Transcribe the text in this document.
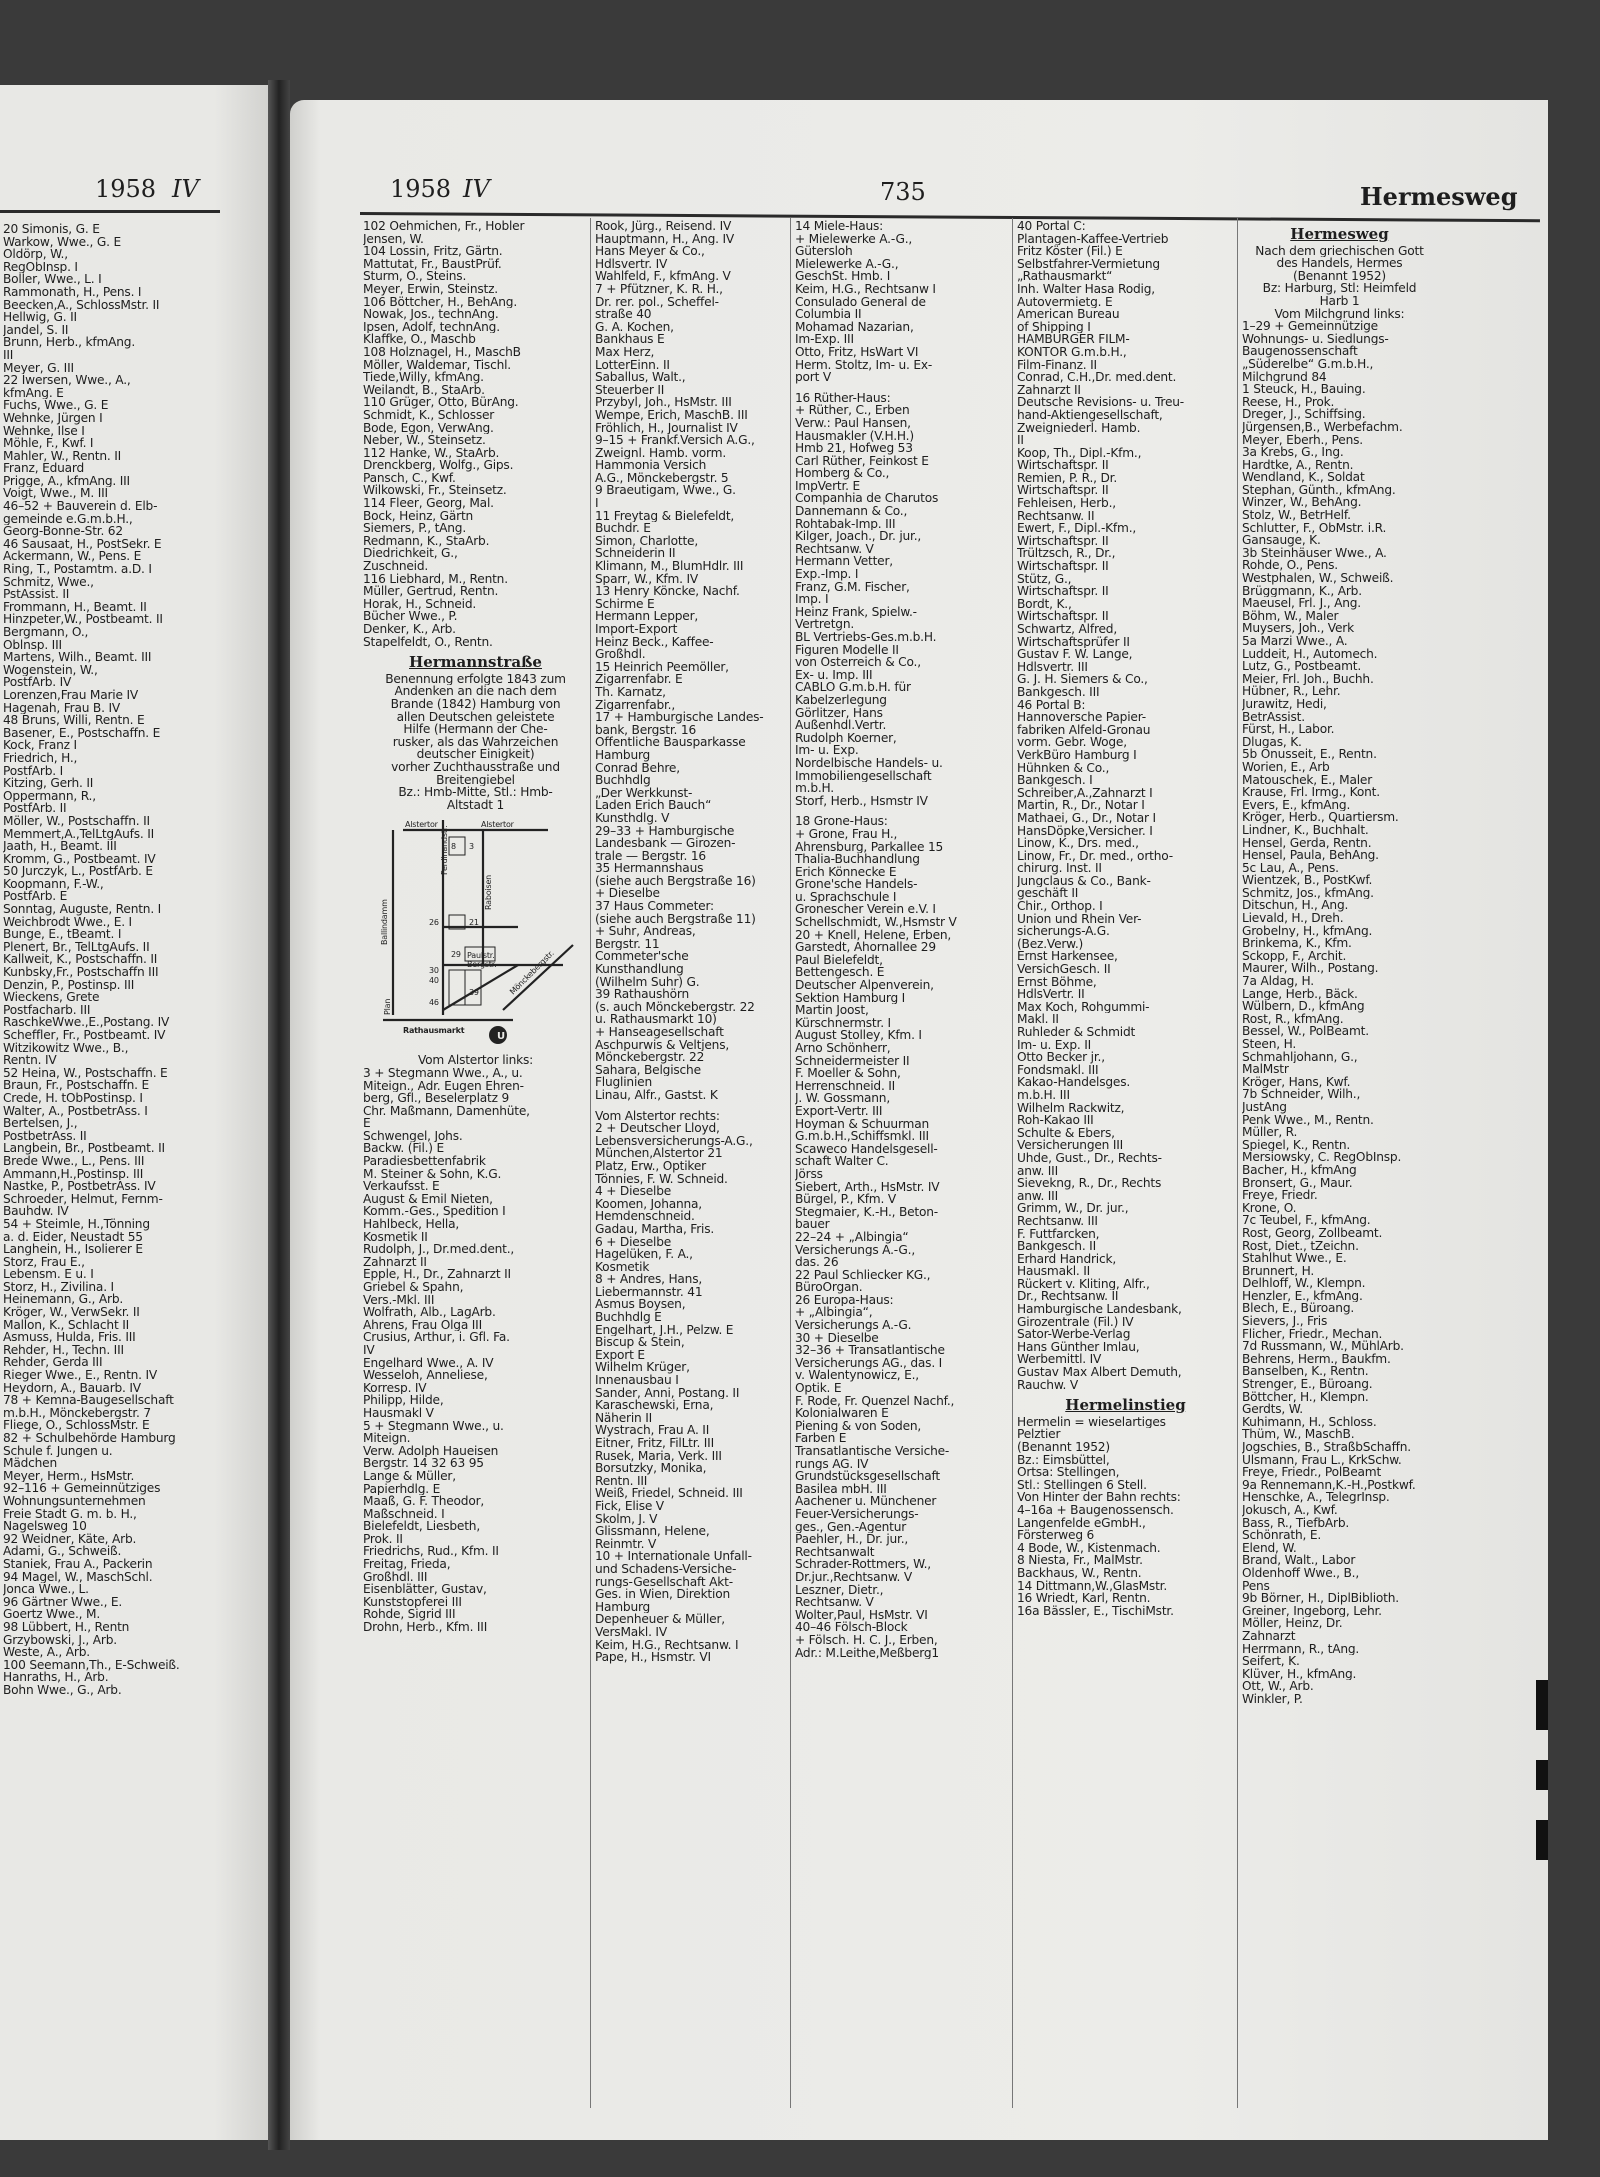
1958 IV
20 Simonis, G. E
Warkow, Wwe., G. E
Oldörp, W.,
RegObInsp. I
Boller, Wwe., L. I
Rammonath, H., Pens. I
Beecken,A., SchlossMstr. II
Hellwig, G. II
Jandel, S. II
Brunn, Herb., kfmAng.
III
Meyer, G. III
22 Iwersen, Wwe., A.,
kfmAng. E
Fuchs, Wwe., G. E
Wehnke, Jürgen I
Wehnke, Ilse I
Möhle, F., Kwf. I
Mahler, W., Rentn. II
Franz, Eduard
Prigge, A., kfmAng. III
Voigt, Wwe., M. III
46–52 + Bauverein d. Elb-
gemeinde e.G.m.b.H.,
Georg-Bonne-Str. 62
46 Sausaat, H., PostSekr. E
Ackermann, W., Pens. E
Ring, T., Postamtm. a.D. I
Schmitz, Wwe.,
PstAssist. II
Frommann, H., Beamt. II
Hinzpeter,W., Postbeamt. II
Bergmann, O.,
Oblnsp. III
Martens, Wilh., Beamt. III
Wogenstein, W.,
PostfArb. IV
Lorenzen,Frau Marie IV
Hagenah, Frau B. IV
48 Bruns, Willi, Rentn. E
Basener, E., Postschaffn. E
Kock, Franz I
Friedrich, H.,
PostfArb. I
Kitzing, Gerh. II
Oppermann, R.,
PostfArb. II
Möller, W., Postschaffn. II
Memmert,A.,TelLtgAufs. II
Jaath, H., Beamt. III
Kromm, G., Postbeamt. IV
50 Jurczyk, L., PostfArb. E
Koopmann, F.-W.,
PostfArb. E
Sonntag, Auguste, Rentn. I
Weichbrodt Wwe., E. I
Bunge, E., tBeamt. I
Plenert, Br., TelLtgAufs. II
Kallweit, K., Postschaffn. II
Kunbsky,Fr., Postschaffn III
Denzin, P., Postinsp. III
Wieckens, Grete
Postfacharb. III
RaschkeWwe.,E.,Postang. IV
Scheffler, Fr., Postbeamt. IV
Witzikowitz Wwe., B.,
Rentn. IV
52 Heina, W., Postschaffn. E
Braun, Fr., Postschaffn. E
Crede, H. tObPostinsp. I
Walter, A., PostbetrAss. I
Bertelsen, J.,
PostbetrAss. II
Langbein, Br., Postbeamt. II
Brede Wwe., L., Pens. III
Ammann,H.,Postinsp. III
Nastke, P., PostbetrAss. IV
Schroeder, Helmut, Fernm-
Bauhdw. IV
54 + Steimle, H.,Tönning
a. d. Eider, Neustadt 55
Langhein, H., Isolierer E
Storz, Frau E.,
Lebensm. E u. I
Storz, H., Zivilina. I
Heinemann, G., Arb.
Kröger, W., VerwSekr. II
Mallon, K., Schlacht II
Asmuss, Hulda, Fris. III
Rehder, H., Techn. III
Rehder, Gerda III
Rieger Wwe., E., Rentn. IV
Heydorn, A., Bauarb. IV
78 + Kemna-Baugesellschaft
m.b.H., Mönckebergstr. 7
Fliege, O., SchlossMstr. E
82 + Schulbehörde Hamburg
Schule f. Jungen u.
Mädchen
Meyer, Herm., HsMstr.
92–116 + Gemeinnütziges
Wohnungsunternehmen
Freie Stadt G. m. b. H.,
Nagelsweg 10
92 Weidner, Käte, Arb.
Adami, G., Schweiß.
Staniek, Frau A., Packerin
94 Magel, W., MaschSchl.
Jonca Wwe., L.
96 Gärtner Wwe., E.
Goertz Wwe., M.
98 Lübbert, H., Rentn
Grzybowski, J., Arb.
Weste, A., Arb.
100 Seemann,Th., E-Schweiß.
Hanraths, H., Arb.
Bohn Wwe., G., Arb.
1958 IV	735	Hermesweg
102 Oehmichen, Fr., Hobler
Jensen, W.
104 Lossin, Fritz, Gärtn.
Mattutat, Fr., BaustPrüf.
Sturm, O., Steins.
Meyer, Erwin, Steinstz.
106 Böttcher, H., BehAng.
Nowak, Jos., technAng.
Ipsen, Adolf, technAng.
Klaffke, O., Maschb
108 Holznagel, H., MaschB
Möller, Waldemar, Tischl.
Tiede,Willy, kfmAng.
Weilandt, B., StaArb.
110 Grüger, Otto, BürAng.
Schmidt, K., Schlosser
Bode, Egon, VerwAng.
Neber, W., Steinsetz.
112 Hanke, W., StaArb.
Drenckberg, Wolfg., Gips.
Pansch, C., Kwf.
Wilkowski, Fr., Steinsetz.
114 Fleer, Georg, Mal.
Bock, Heinz, Gärtn
Siemers, P., tAng.
Redmann, K., StaArb.
Diedrichkeit, G.,
Zuschneid.
116 Liebhard, M., Rentn.
Müller, Gertrud, Rentn.
Horak, H., Schneid.
Bücher Wwe., P.
Denker, K., Arb.
Stapelfeldt, O., Rentn.
Hermannstraße
Benennung erfolgte 1843 zum
Andenken an die nach dem
Brande (1842) Hamburg von
allen Deutschen geleistete
Hilfe (Hermann der Che-
rusker, als das Wahrzeichen
deutscher Einigkeit)
vorher Zuchthausstraße und
Breitengiebel
Bz.: Hmb-Mitte, Stl.: Hmb-
Altstadt 1
U
Alstertor	Alstertor
Ferdinandstr.
Ballindamm
Raboisen
Paulstr.
Bergstr. Mönckebergstr.
Plan
Rathausmarkt
8 3
26	21
29
30
40
46
39
Vom Alstertor links:
3 + Stegmann Wwe., A., u.
Miteign., Adr. Eugen Ehren-
berg, Gfl., Beselerplatz 9
Chr. Maßmann, Damenhüte,
E
Schwengel, Johs.
Backw. (Fil.) E
Paradiesbettenfabrik
M. Steiner & Sohn, K.G.
Verkaufsst. E
August & Emil Nieten,
Komm.-Ges., Spedition I
Hahlbeck, Hella,
Kosmetik II
Rudolph, J., Dr.med.dent.,
Zahnarzt II
Epple, H., Dr., Zahnarzt II
Griebel & Spahn,
Vers.-Mkl. III
Wolfrath, Alb., LagArb.
Ahrens, Frau Olga III
Crusius, Arthur, i. Gfl. Fa.
IV
Engelhard Wwe., A. IV
Wesseloh, Anneliese,
Korresp. IV
Philipp, Hilde,
Hausmakl V
5 + Stegmann Wwe., u.
Miteign.
Verw. Adolph Haueisen
Bergstr. 14 32 63 95
Lange & Müller,
Papierhdlg. E
Maaß, G. F. Theodor,
Maßschneid. I
Bielefeldt, Liesbeth,
Prok. II
Friedrichs, Rud., Kfm. II
Freitag, Frieda,
Großhdl. III
Eisenblätter, Gustav,
Kunststopferei III
Rohde, Sigrid III
Drohn, Herb., Kfm. III
Rook, Jürg., Reisend. IV
Hauptmann, H., Ang. IV
Hans Meyer & Co.,
Hdlsvertr. IV
Wahlfeld, F., kfmAng. V
7 + Pfützner, K. R. H.,
Dr. rer. pol., Scheffel-
straße 40
G. A. Kochen,
Bankhaus E
Max Herz,
LotterEinn. II
Saballus, Walt.,
Steuerber II
Przybyl, Joh., HsMstr. III
Wempe, Erich, MaschB. III
Fröhlich, H., Journalist IV
9–15 + Frankf.Versich A.G.,
Zweignl. Hamb. vorm.
Hammonia Versich
A.G., Mönckebergstr. 5
9 Braeutigam, Wwe., G.
I
11 Freytag & Bielefeldt,
Buchdr. E
Simon, Charlotte,
Schneiderin II
Klimann, M., BlumHdlr. III
Sparr, W., Kfm. IV
13 Henry Köncke, Nachf.
Schirme E
Hermann Lepper,
Import-Export
Heinz Beck., Kaffee-
Großhdl.
15 Heinrich Peemöller,
Zigarrenfabr. E
Th. Karnatz,
Zigarrenfabr.,
17 + Hamburgische Landes-
bank, Bergstr. 16
Öffentliche Bausparkasse
Hamburg
Conrad Behre,
Buchhdlg
„Der Werkkunst-
Laden Erich Bauch“
Kunsthdlg. V
29–33 + Hamburgische
Landesbank — Girozen-
trale — Bergstr. 16
35 Hermannshaus
(siehe auch Bergstraße 16)
+ Dieselbe
37 Haus Commeter:
(siehe auch Bergstraße 11)
+ Suhr, Andreas,
Bergstr. 11
Commeter'sche
Kunsthandlung
(Wilhelm Suhr) G.
39 Rathaushörn
(s. auch Mönckebergstr. 22
u. Rathausmarkt 10)
+ Hanseagesellschaft
Aschpurwis & Veltjens,
Mönckebergstr. 22
Sahara, Belgische
Fluglinien
Linau, Alfr., Gastst. K
Vom Alstertor rechts:
2 + Deutscher Lloyd,
Lebensversicherungs-A.G.,
München,Alstertor 21
Platz, Erw., Optiker
Tönnies, F. W. Schneid.
4 + Dieselbe
Koomen, Johanna,
Hemdenschneid.
Gadau, Martha, Fris.
6 + Dieselbe
Hagelüken, F. A.,
Kosmetik
8 + Andres, Hans,
Liebermannstr. 41
Asmus Boysen,
Buchhdlg E
Engelhart, J.H., Pelzw. E
Biscup & Stein,
Export E
Wilhelm Krüger,
Innenausbau I
Sander, Anni, Postang. II
Karaschewski, Erna,
Näherin II
Wystrach, Frau A. II
Eitner, Fritz, FilLtr. III
Rusek, Maria, Verk. III
Borsutzky, Monika,
Rentn. III
Weiß, Friedel, Schneid. III
Fick, Elise V
Skolm, J. V
Glissmann, Helene,
Reinmtr. V
10 + Internationale Unfall-
und Schadens-Versiche-
rungs-Gesellschaft Akt-
Ges. in Wien, Direktion
Hamburg
Depenheuer & Müller,
VersMakl. IV
Keim, H.G., Rechtsanw. I
Pape, H., Hsmstr. VI
14 Miele-Haus:
+ Mielewerke A.-G.,
Gütersloh
Mielewerke A.-G.,
GeschSt. Hmb. I
Keim, H.G., Rechtsanw I
Consulado General de
Columbia II
Mohamad Nazarian,
Im-Exp. III
Otto, Fritz, HsWart VI
Herm. Stoltz, Im- u. Ex-
port V
16 Rüther-Haus:
+ Rüther, C., Erben
Verw.: Paul Hansen,
Hausmakler (V.H.H.)
Hmb 21, Hofweg 53
Carl Rüther, Feinkost E
Homberg & Co.,
ImpVertr. E
Companhia de Charutos
Dannemann & Co.,
Rohtabak-Imp. III
Kilger, Joach., Dr. jur.,
Rechtsanw. V
Hermann Vetter,
Exp.-Imp. I
Franz, G.M. Fischer,
Imp. I
Heinz Frank, Spielw.-
Vertretgn.
BL Vertriebs-Ges.m.b.H.
Figuren Modelle II
von Österreich & Co.,
Ex- u. Imp. III
CABLO G.m.b.H. für
Kabelzerlegung
Görlitzer, Hans
Außenhdl.Vertr.
Rudolph Koerner,
Im- u. Exp.
Nordelbische Handels- u.
Immobiliengesellschaft
m.b.H.
Storf, Herb., Hsmstr IV
18 Grone-Haus:
+ Grone, Frau H.,
Ahrensburg, Parkallee 15
Thalia-Buchhandlung
Erich Könnecke E
Grone'sche Handels-
u. Sprachschule I
Gronescher Verein e.V. I
Schellschmidt, W.,Hsmstr V
20 + Knell, Helene, Erben,
Garstedt, Ahornallee 29
Paul Bielefeldt,
Bettengesch. E
Deutscher Alpenverein,
Sektion Hamburg I
Martin Joost,
Kürschnermstr. I
August Stolley, Kfm. I
Arno Schönherr,
Schneidermeister II
F. Moeller & Sohn,
Herrenschneid. II
J. W. Gossmann,
Export-Vertr. III
Hoyman & Schuurman
G.m.b.H.,Schiffsmkl. III
Scaweco Handelsgesell-
schaft Walter C.
Jörss
Siebert, Arth., HsMstr. IV
Bürgel, P., Kfm. V
Stegmaier, K.-H., Beton-
bauer
22–24 + „Albingia“
Versicherungs A.-G.,
das. 26
22 Paul Schliecker KG.,
BüroOrgan.
26 Europa-Haus:
+ „Albingia“,
Versicherungs A.-G.
30 + Dieselbe
32–36 + Transatlantische
Versicherungs AG., das. I
v. Walentynowicz, E.,
Optik. E
F. Rode, Fr. Quenzel Nachf.,
Kolonialwaren E
Piening & von Soden,
Farben E
Transatlantische Versiche-
rungs AG. IV
Grundstücksgesellschaft
Basilea mbH. III
Aachener u. Münchener
Feuer-Versicherungs-
ges., Gen.-Agentur
Paehler, H., Dr. jur.,
Rechtsanwalt
Schrader-Rottmers, W.,
Dr.jur.,Rechtsanw. V
Leszner, Dietr.,
Rechtsanw. V
Wolter,Paul, HsMstr. VI
40–46 Fölsch-Block
+ Fölsch. H. C. J., Erben,
Adr.: M.Leithe,Meßberg1
40 Portal C:
Plantagen-Kaffee-Vertrieb
Fritz Köster (Fil.) E
Selbstfahrer-Vermietung
„Rathausmarkt“
Inh. Walter Hasa Rodig,
Autovermietg. E
American Bureau
of Shipping I
HAMBURGER FILM-
KONTOR G.m.b.H.,
Film-Finanz. II
Conrad, C.H.,Dr. med.dent.
Zahnarzt II
Deutsche Revisions- u. Treu-
hand-Aktiengesellschaft,
Zweigniederl. Hamb.
II
Koop, Th., Dipl.-Kfm.,
Wirtschaftspr. II
Remien, P. R., Dr.
Wirtschaftspr. II
Fehleisen, Herb.,
Rechtsanw. II
Ewert, F., Dipl.-Kfm.,
Wirtschaftspr. II
Trültzsch, R., Dr.,
Wirtschaftspr. II
Stütz, G.,
Wirtschaftspr. II
Bordt, K.,
Wirtschaftspr. II
Schwartz, Alfred,
Wirtschaftsprüfer II
Gustav F. W. Lange,
Hdlsvertr. III
G. J. H. Siemers & Co.,
Bankgesch. III
46 Portal B:
Hannoversche Papier-
fabriken Alfeld-Gronau
vorm. Gebr. Woge,
VerkBüro Hamburg I
Hühnken & Co.,
Bankgesch. I
Schreiber,A.,Zahnarzt I
Martin, R., Dr., Notar I
Mathaei, G., Dr., Notar I
HansDöpke,Versicher. I
Linow, K., Drs. med.,
Linow, Fr., Dr. med., ortho-
chirurg. Inst. II
Jungclaus & Co., Bank-
geschäft II
Chir., Orthop. I
Union und Rhein Ver-
sicherungs-A.G.
(Bez.Verw.)
Ernst Harkensee,
VersichGesch. II
Ernst Böhme,
HdlsVertr. II
Max Koch, Rohgummi-
Makl. II
Ruhleder & Schmidt
Im- u. Exp. II
Otto Becker jr.,
Fondsmakl. III
Kakao-Handelsges.
m.b.H. III
Wilhelm Rackwitz,
Roh-Kakao III
Schulte & Ebers,
Versicherungen III
Uhde, Gust., Dr., Rechts-
anw. III
Sievekng, R., Dr., Rechts
anw. III
Grimm, W., Dr. jur.,
Rechtsanw. III
F. Futtfarcken,
Bankgesch. II
Erhard Handrick,
Hausmakl. II
Rückert v. Kliting, Alfr.,
Dr., Rechtsanw. II
Hamburgische Landesbank,
Girozentrale (Fil.) IV
Sator-Werbe-Verlag
Hans Günther Imlau,
Werbemittl. IV
Gustav Max Albert Demuth,
Rauchw. V
Hermelinstieg
Hermelin = wieselartiges
Pelztier
(Benannt 1952)
Bz.: Eimsbüttel,
Ortsa: Stellingen,
Stl.: Stellingen 6 Stell.
Von Hinter der Bahn rechts:
4–16a + Baugenossensch.
Langenfelde eGmbH.,
Försterweg 6
4 Bode, W., Kistenmach.
8 Niesta, Fr., MalMstr.
Backhaus, W., Rentn.
14 Dittmann,W.,GlasMstr.
16 Wriedt, Karl, Rentn.
16a Bässler, E., TischiMstr.
Hermesweg
Nach dem griechischen Gott
des Handels, Hermes
(Benannt 1952)
Bz: Harburg, Stl: Heimfeld
Harb 1
Vom Milchgrund links:
1–29 + Gemeinnützige
Wohnungs- u. Siedlungs-
Baugenossenschaft
„Süderelbe“ G.m.b.H.,
Milchgrund 84
1 Steuck, H., Bauing.
Reese, H., Prok.
Dreger, J., Schiffsing.
Jürgensen,B., Werbefachm.
Meyer, Eberh., Pens.
3a Krebs, G., Ing.
Hardtke, A., Rentn.
Wendland, K., Soldat
Stephan, Günth., kfmAng.
Winzer, W., BehAng.
Stolz, W., BetrHelf.
Schlutter, F., ObMstr. i.R.
Gansauge, K.
3b Steinhäuser Wwe., A.
Rohde, O., Pens.
Westphalen, W., Schweiß.
Brüggmann, K., Arb.
Maeusel, Frl. J., Ang.
Böhm, W., Maler
Muysers, Joh., Verk
5a Marzi Wwe., A.
Luddeit, H., Automech.
Lutz, G., Postbeamt.
Meier, Frl. Joh., Buchh.
Hübner, R., Lehr.
Jurawitz, Hedi,
BetrAssist.
Fürst, H., Labor.
Dlugas, K.
5b Onusseit, E., Rentn.
Worien, E., Arb
Matouschek, E., Maler
Krause, Frl. Irmg., Kont.
Evers, E., kfmAng.
Kröger, Herb., Quartiersm.
Lindner, K., Buchhalt.
Hensel, Gerda, Rentn.
Hensel, Paula, BehAng.
5c Lau, A., Pens.
Wientzek, B., PostKwf.
Schmitz, Jos., kfmAng.
Ditschun, H., Ang.
Lievald, H., Dreh.
Grobelny, H., kfmAng.
Brinkema, K., Kfm.
Sckopp, F., Archit.
Maurer, Wilh., Postang.
7a Aldag, H.
Lange, Herb., Bäck.
Wülbern, D., kfmAng
Rost, R., kfmAng.
Bessel, W., PolBeamt.
Steen, H.
Schmahljohann, G.,
MalMstr
Kröger, Hans, Kwf.
7b Schneider, Wilh.,
JustAng
Penk Wwe., M., Rentn.
Müller, R.
Spiegel, K., Rentn.
Mersiowsky, C. RegObInsp.
Bacher, H., kfmAng
Bronsert, G., Maur.
Freye, Friedr.
Krone, O.
7c Teubel, F., kfmAng.
Rost, Georg, Zollbeamt.
Rost, Diet., tZeichn.
Stahlhut Wwe., E.
Brunnert, H.
Delhloff, W., Klempn.
Henzler, E., kfmAng.
Blech, E., Büroang.
Sievers, J., Fris
Flicher, Friedr., Mechan.
7d Russmann, W., MühlArb.
Behrens, Herm., Baukfm.
Banselben, K., Rentn.
Strenger, E., Büroang.
Böttcher, H., Klempn.
Gerdts, W.
Kuhimann, H., Schloss.
Thüm, W., MaschB.
Jogschies, B., StraßbSchaffn.
Ulsmann, Frau L., KrkSchw.
Freye, Friedr., PolBeamt
9a Rennemann,K.-H.,Postkwf.
Henschke, A., TelegrInsp.
Jokusch, A., Kwf.
Bass, R., TiefbArb.
Schönrath, E.
Elend, W.
Brand, Walt., Labor
Oldenhoff Wwe., B.,
Pens
9b Börner, H., DiplBiblioth.
Greiner, Ingeborg, Lehr.
Möller, Heinz, Dr.
Zahnarzt
Herrmann, R., tAng.
Seifert, K.
Klüver, H., kfmAng.
Ott, W., Arb.
Winkler, P.
